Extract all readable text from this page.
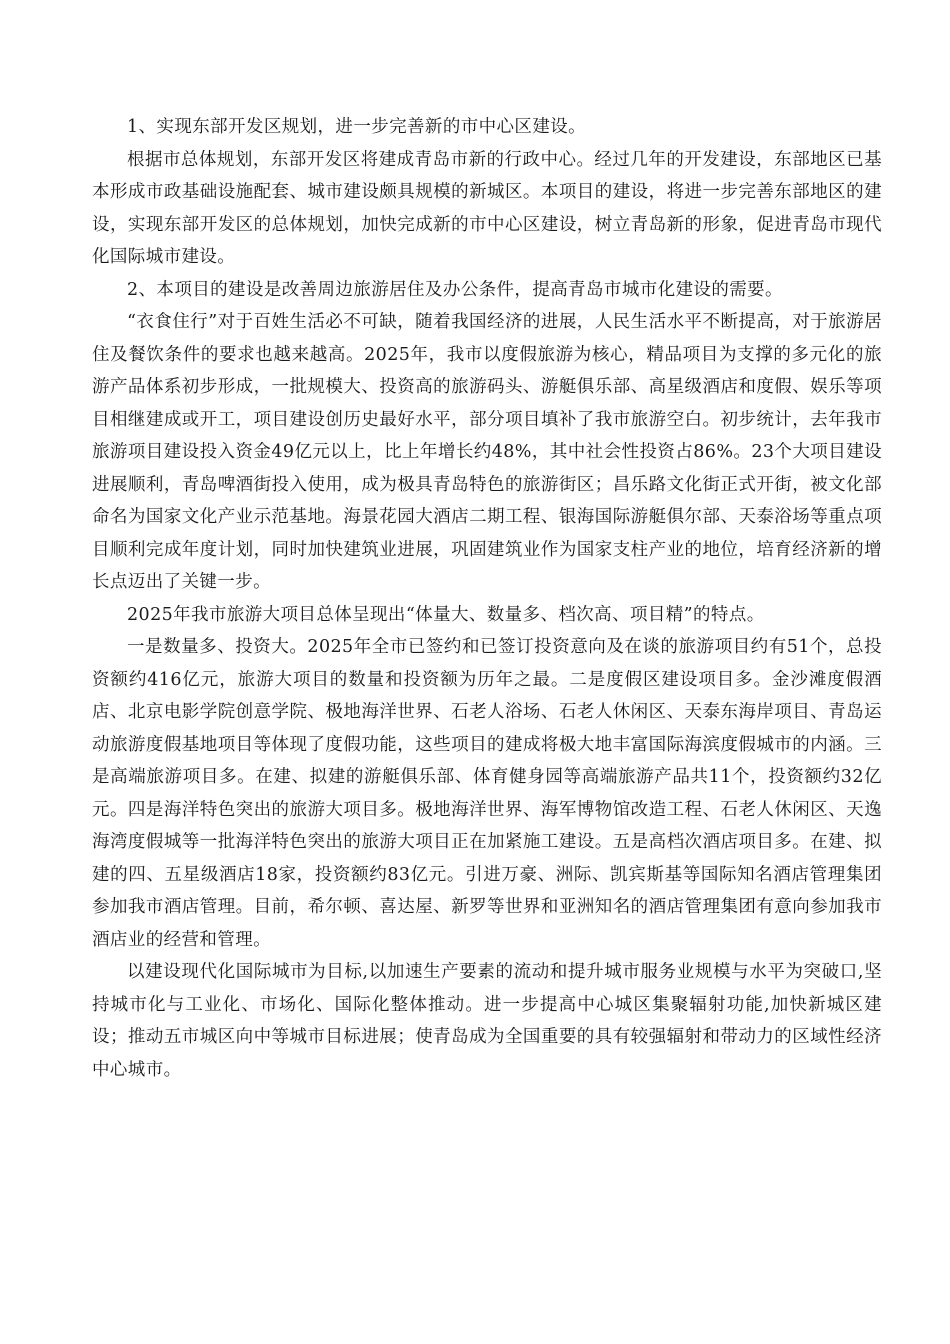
1、实现东部开发区规划，进一步完善新的市中心区建设。

根据市总体规划，东部开发区将建成青岛市新的行政中心。经过几年的开发建设，东部地区已基本形成市政基础设施配套、城市建设颇具规模的新城区。本项目的建设，将进一步完善东部地区的建设，实现东部开发区的总体规划，加快完成新的市中心区建设，树立青岛新的形象，促进青岛市现代化国际城市建设。

2、本项目的建设是改善周边旅游居住及办公条件，提高青岛市城市化建设的需要。

“衣食住行”对于百姓生活必不可缺，随着我国经济的进展，人民生活水平不断提高，对于旅游居住及餐饮条件的要求也越来越高。2025年，我市以度假旅游为核心，精品项目为支撑的多元化的旅游产品体系初步形成，一批规模大、投资高的旅游码头、游艇俱乐部、高星级酒店和度假、娱乐等项目相继建成或开工，项目建设创历史最好水平，部分项目填补了我市旅游空白。初步统计，去年我市旅游项目建设投入资金49亿元以上，比上年增长约48%，其中社会性投资占86%。23个大项目建设进展顺利，青岛啤酒街投入使用，成为极具青岛特色的旅游街区；昌乐路文化街正式开街，被文化部命名为国家文化产业示范基地。海景花园大酒店二期工程、银海国际游艇俱尔部、天泰浴场等重点项目顺利完成年度计划，同时加快建筑业进展，巩固建筑业作为国家支柱产业的地位，培育经济新的增长点迈出了关键一步。

2025年我市旅游大项目总体呈现出“体量大、数量多、档次高、项目精”的特点。

一是数量多、投资大。2025年全市已签约和已签订投资意向及在谈的旅游项目约有51个，总投资额约416亿元，旅游大项目的数量和投资额为历年之最。二是度假区建设项目多。金沙滩度假酒店、北京电影学院创意学院、极地海洋世界、石老人浴场、石老人休闲区、天泰东海岸项目、青岛运动旅游度假基地项目等体现了度假功能，这些项目的建成将极大地丰富国际海滨度假城市的内涵。三是高端旅游项目多。在建、拟建的游艇俱乐部、体育健身园等高端旅游产品共11个，投资额约32亿元。四是海洋特色突出的旅游大项目多。极地海洋世界、海军博物馆改造工程、石老人休闲区、天逸海湾度假城等一批海洋特色突出的旅游大项目正在加紧施工建设。五是高档次酒店项目多。在建、拟建的四、五星级酒店18家，投资额约83亿元。引进万豪、洲际、凯宾斯基等国际知名酒店管理集团参加我市酒店管理。目前，希尔顿、喜达屋、新罗等世界和亚洲知名的酒店管理集团有意向参加我市酒店业的经营和管理。

以建设现代化国际城市为目标,以加速生产要素的流动和提升城市服务业规模与水平为突破口,坚持城市化与工业化、市场化、国际化整体推动。进一步提高中心城区集聚辐射功能,加快新城区建设；推动五市城区向中等城市目标进展；使青岛成为全国重要的具有较强辐射和带动力的区域性经济中心城市。
